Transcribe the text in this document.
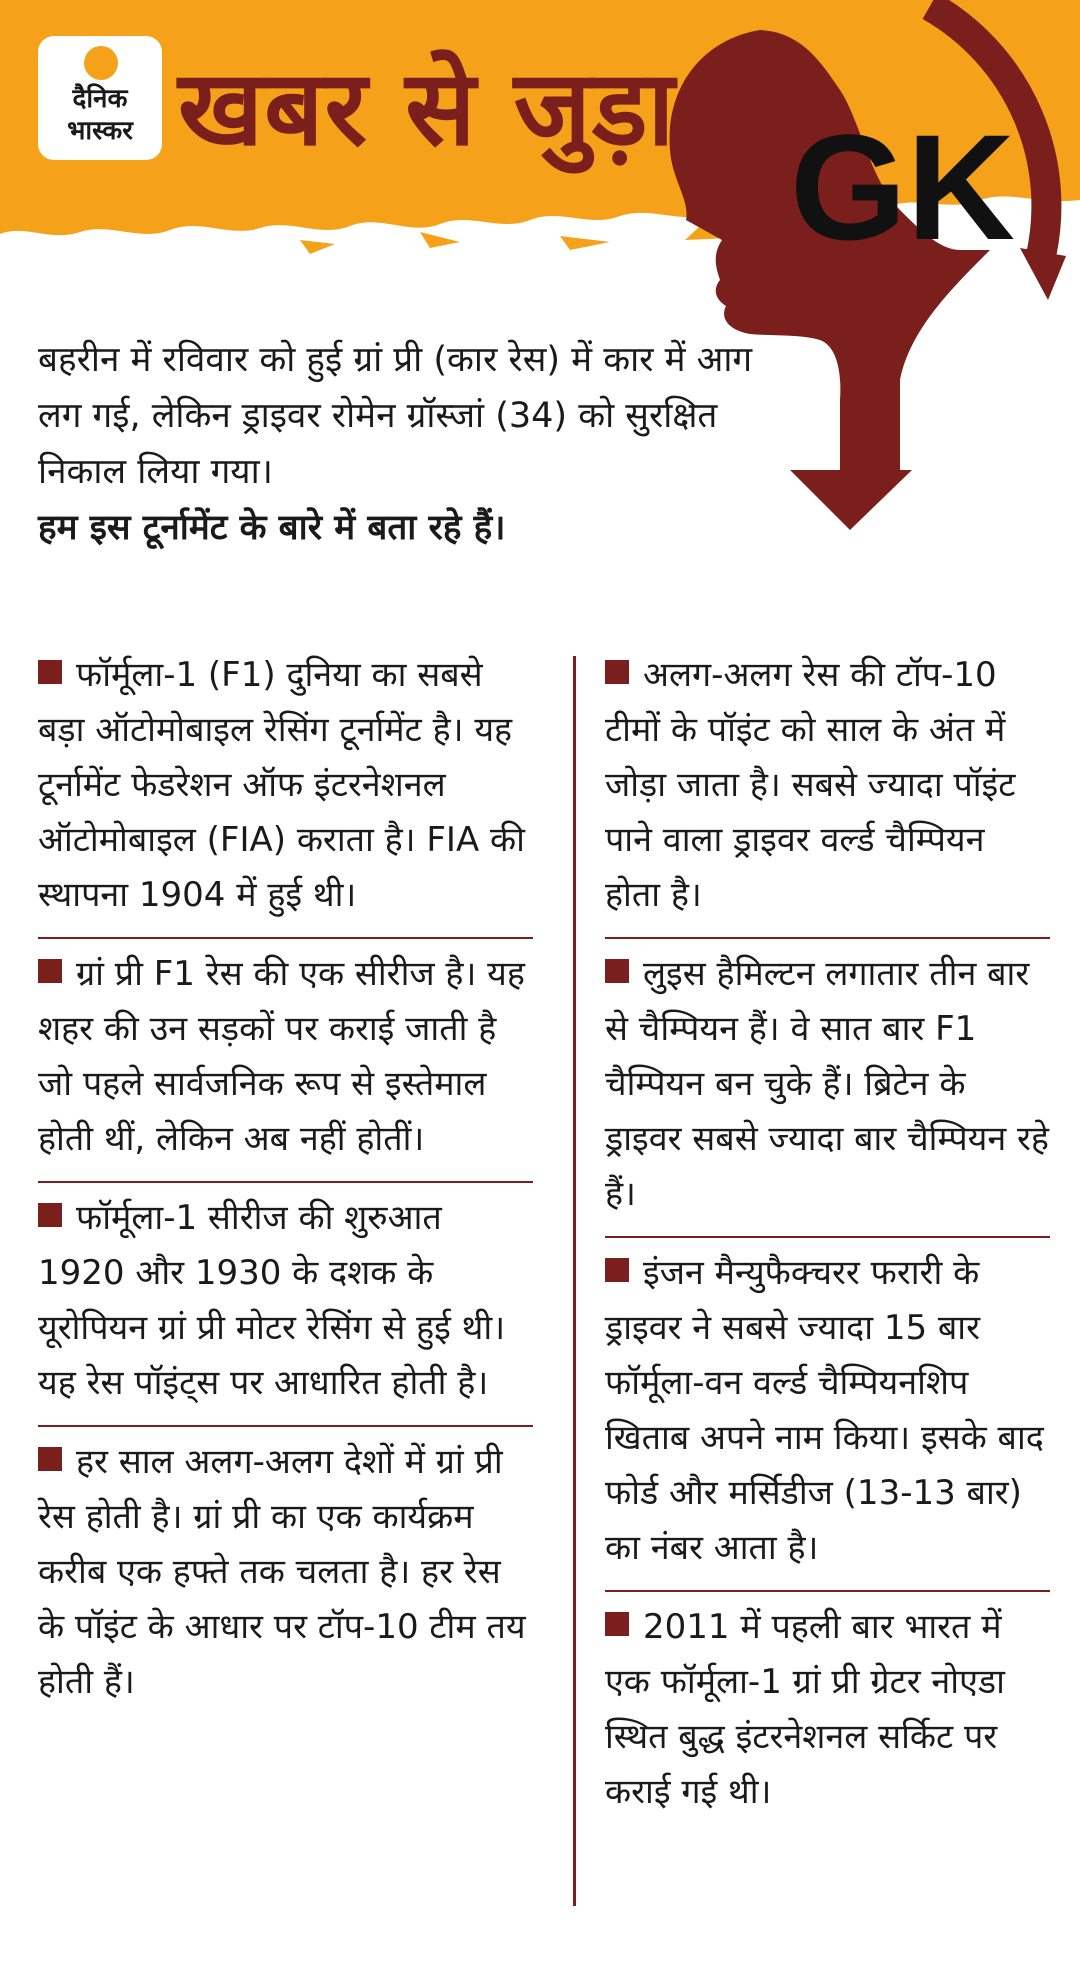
दैनिक
भास्कर खबर से जुड़ा GK

बहरीन में रविवार को हुई ग्रां प्री (कार रेस) में कार में आग लग गई, लेकिन ड्राइवर रोमेन ग्रॉस्जां (34) को सुरक्षित निकाल लिया गया।

हम इस टूर्नामेंट के बारे में बता रहे हैं।

फॉर्मूला-1 (F1) दुनिया का सबसे बड़ा ऑटोमोबाइल रेसिंग टूर्नामेंट है। यह टूर्नामेंट फेडरेशन ऑफ इंटरनेशनल ऑटोमोबाइल (FIA) कराता है। FIA की स्थापना 1904 में हुई थी।
ग्रां प्री F1 रेस की एक सीरीज है। यह शहर की उन सड़कों पर कराई जाती है जो पहले सार्वजनिक रूप से इस्तेमाल होती थीं, लेकिन अब नहीं होतीं।
फॉर्मूला-1 सीरीज की शुरुआत 1920 और 1930 के दशक के यूरोपियन ग्रां प्री मोटर रेसिंग से हुई थी। यह रेस पॉइंट्स पर आधारित होती है।
हर साल अलग-अलग देशों में ग्रां प्री रेस होती है। ग्रां प्री का एक कार्यक्रम करीब एक हफ्ते तक चलता है। हर रेस के पॉइंट के आधार पर टॉप-10 टीम तय होती हैं।
अलग-अलग रेस की टॉप-10 टीमों के पॉइंट को साल के अंत में जोड़ा जाता है। सबसे ज्यादा पॉइंट पाने वाला ड्राइवर वर्ल्ड चैम्पियन होता है।
लुइस हैमिल्टन लगातार तीन बार से चैम्पियन हैं। वे सात बार F1 चैम्पियन बन चुके हैं। ब्रिटेन के ड्राइवर सबसे ज्यादा बार चैम्पियन रहे हैं।
इंजन मैन्युफैक्चरर फरारी के ड्राइवर ने सबसे ज्यादा 15 बार फॉर्मूला-वन वर्ल्ड चैम्पियनशिप खिताब अपने नाम किया। इसके बाद फोर्ड और मर्सिडीज (13-13 बार) का नंबर आता है।
2011 में पहली बार भारत में एक फॉर्मूला-1 ग्रां प्री ग्रेटर नोएडा स्थित बुद्ध इंटरनेशनल सर्किट पर कराई गई थी।
